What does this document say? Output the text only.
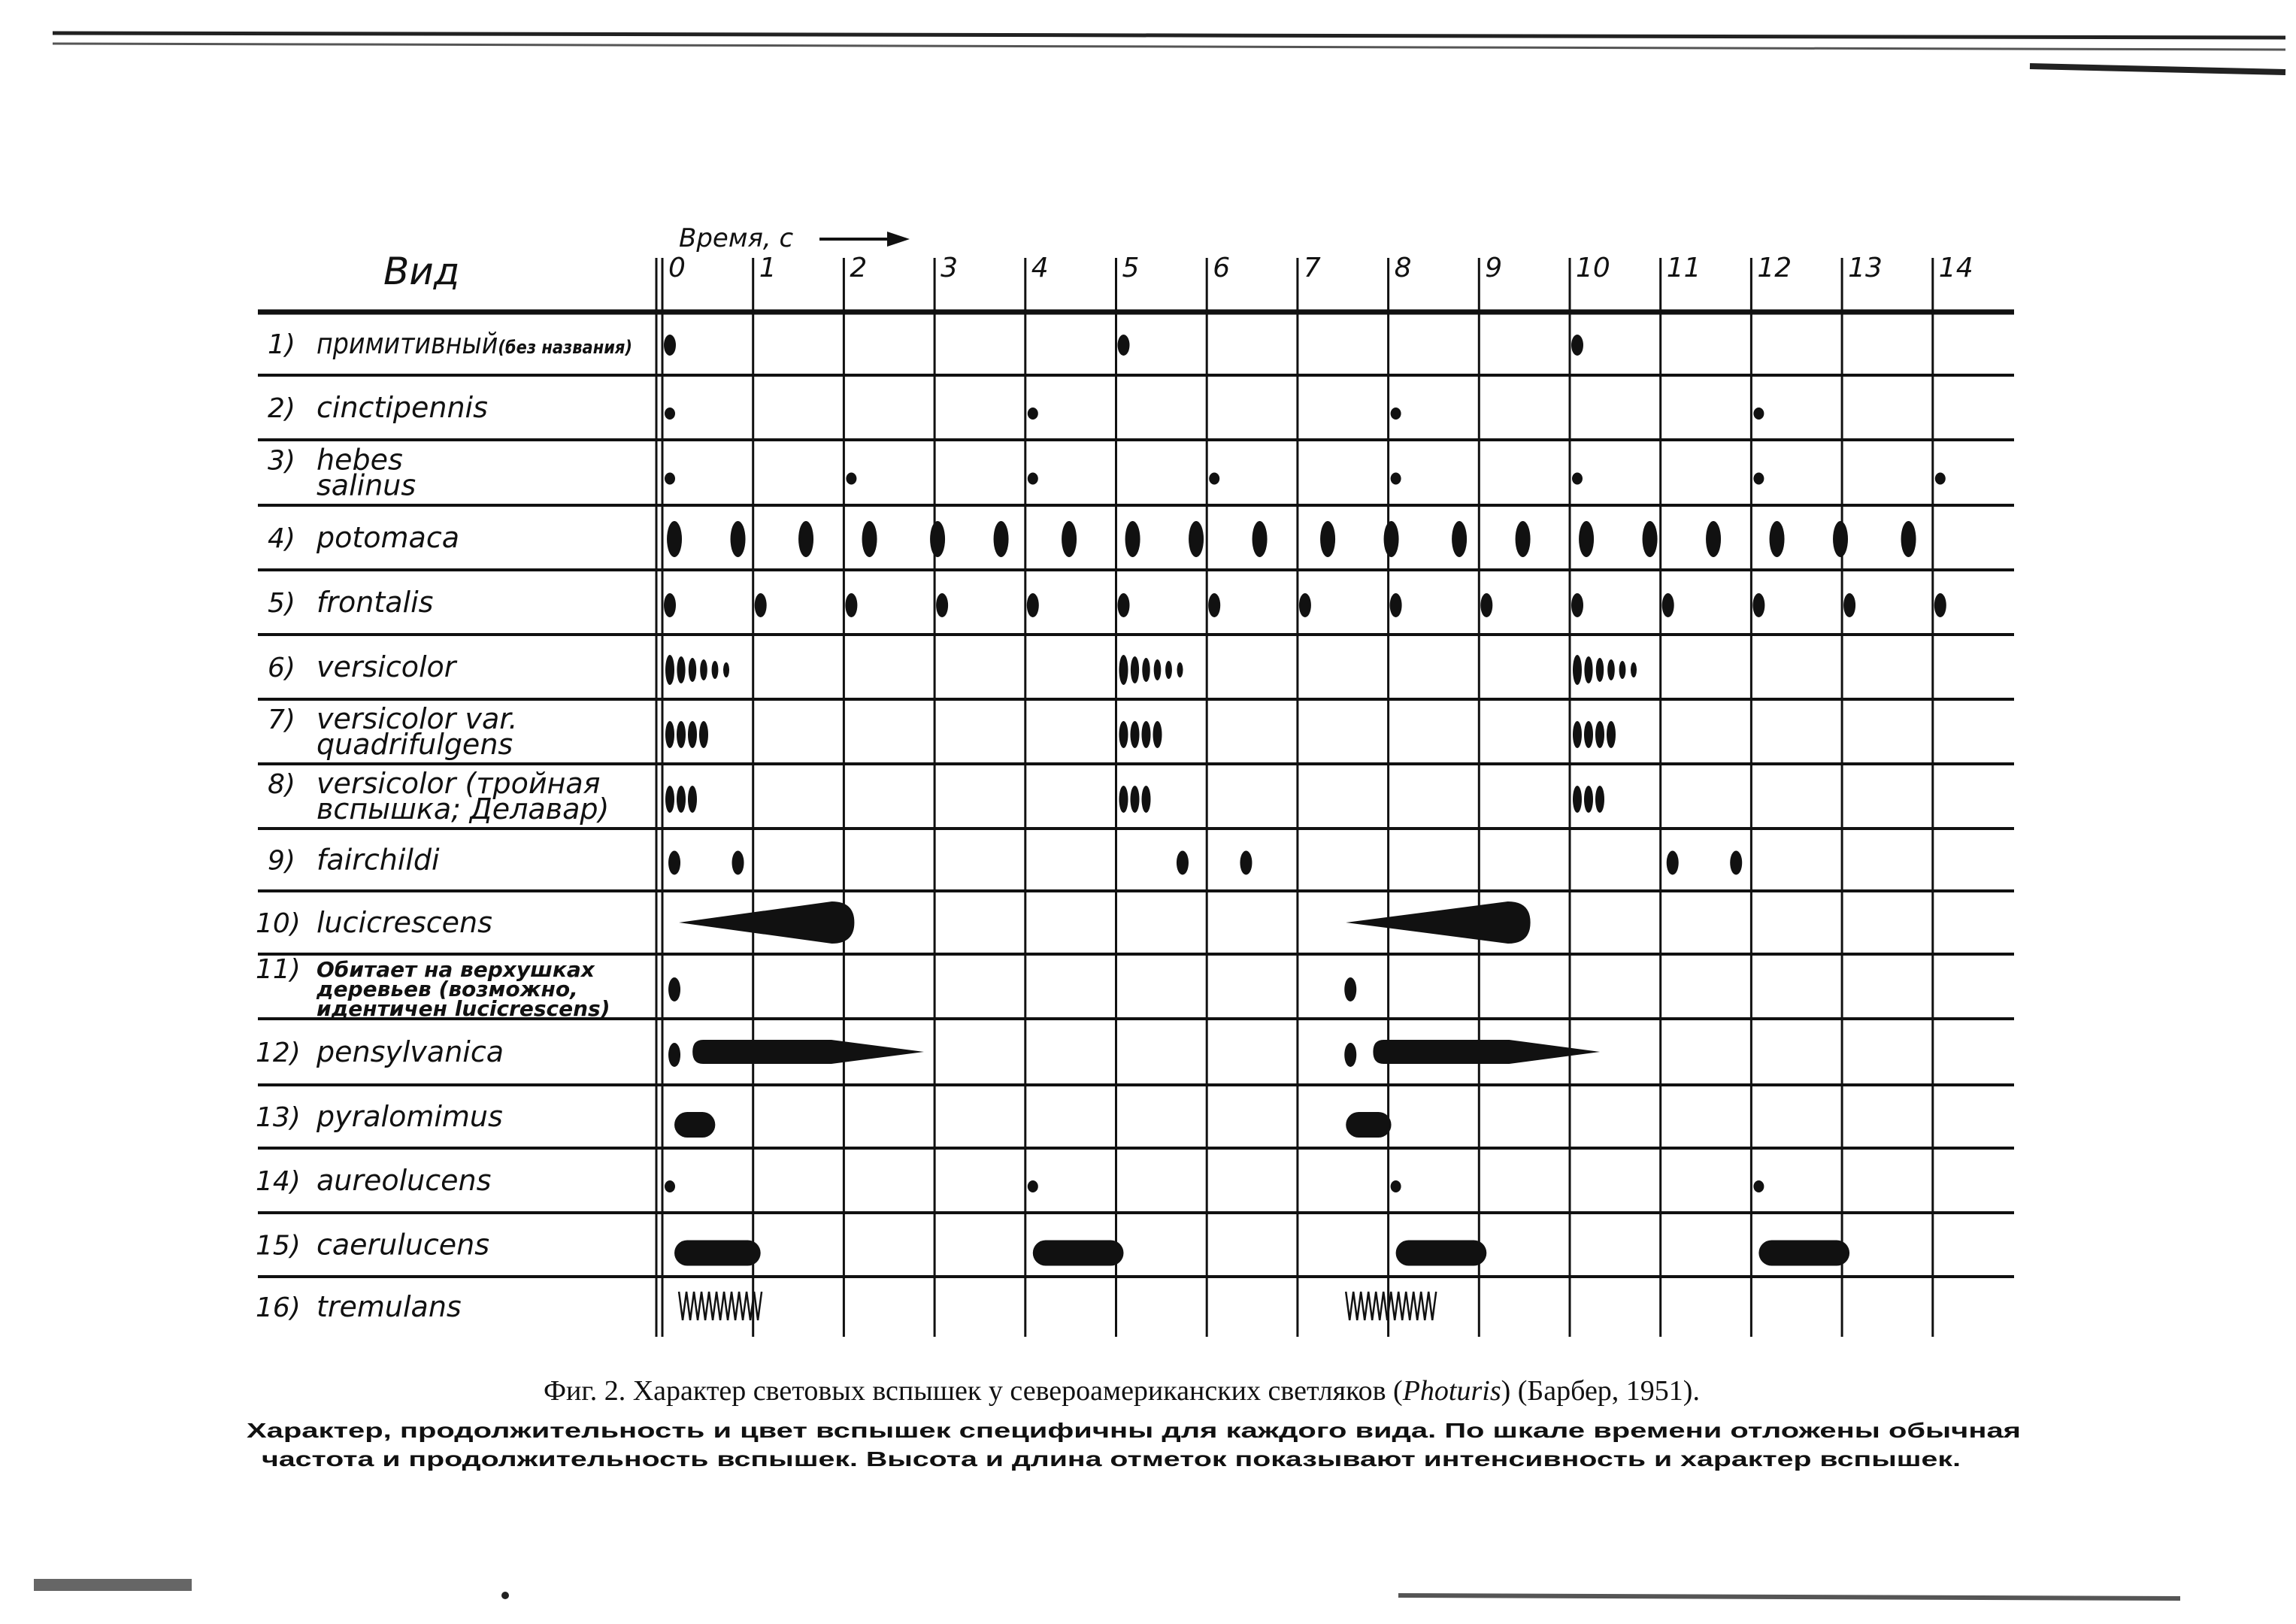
Вид
Время, с
0	1	2	3	4	5	6	7	8	9	10 11 12 13 14
1) примитивный(без названия)
2) cinctipennis
3) hebes
salinus
4) potomaca
5) frontalis
6) versicolor
7) versicolor var.
quadrifulgens
8) versicolor (тройная
вспышка; Делавар)
9) fairchildi
10) lucicrescens
11) Обитает на верхушках
деревьев (возможно,
идентичен lucicrescens)
12) pensylvanica
13) pyralomimus
14) aureolucens
15) caerulucens
16) tremulans
Фиг. 2. Характер световых вспышек у североамериканских светляков (Photuris) (Барбер, 1951).
Характер, продолжительность и цвет вспышек специфичны для каждого вида. По шкале времени отложены обычная
частота и продолжительность вспышек. Высота и длина отметок показывают интенсивность и характер вспышек.
